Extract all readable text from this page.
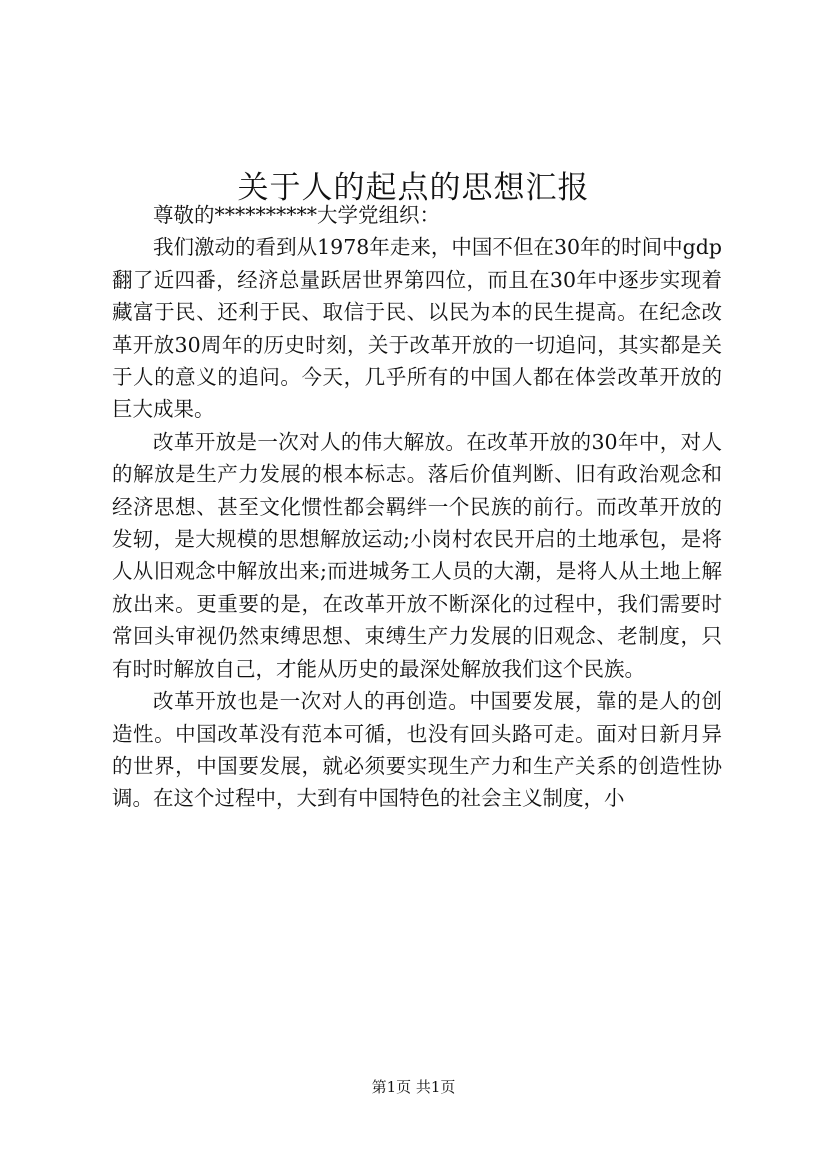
关于人的起点的思想汇报

尊敬的**********大学党组织：

我们激动的看到从1978年走来，中国不但在30年的时间中gdp翻了近四番，经济总量跃居世界第四位，而且在30年中逐步实现着藏富于民、还利于民、取信于民、以民为本的民生提高。在纪念改革开放30周年的历史时刻，关于改革开放的一切追问，其实都是关于人的意义的追问。今天，几乎所有的中国人都在体尝改革开放的巨大成果。

改革开放是一次对人的伟大解放。在改革开放的30年中，对人的解放是生产力发展的根本标志。落后价值判断、旧有政治观念和经济思想、甚至文化惯性都会羁绊一个民族的前行。而改革开放的发轫，是大规模的思想解放运动;小岗村农民开启的土地承包，是将人从旧观念中解放出来;而进城务工人员的大潮，是将人从土地上解放出来。更重要的是，在改革开放不断深化的过程中，我们需要时常回头审视仍然束缚思想、束缚生产力发展的旧观念、老制度，只有时时解放自己，才能从历史的最深处解放我们这个民族。

改革开放也是一次对人的再创造。中国要发展，靠的是人的创造性。中国改革没有范本可循，也没有回头路可走。面对日新月异的世界，中国要发展，就必须要实现生产力和生产关系的创造性协调。在这个过程中，大到有中国特色的社会主义制度，小

第1页 共1页
